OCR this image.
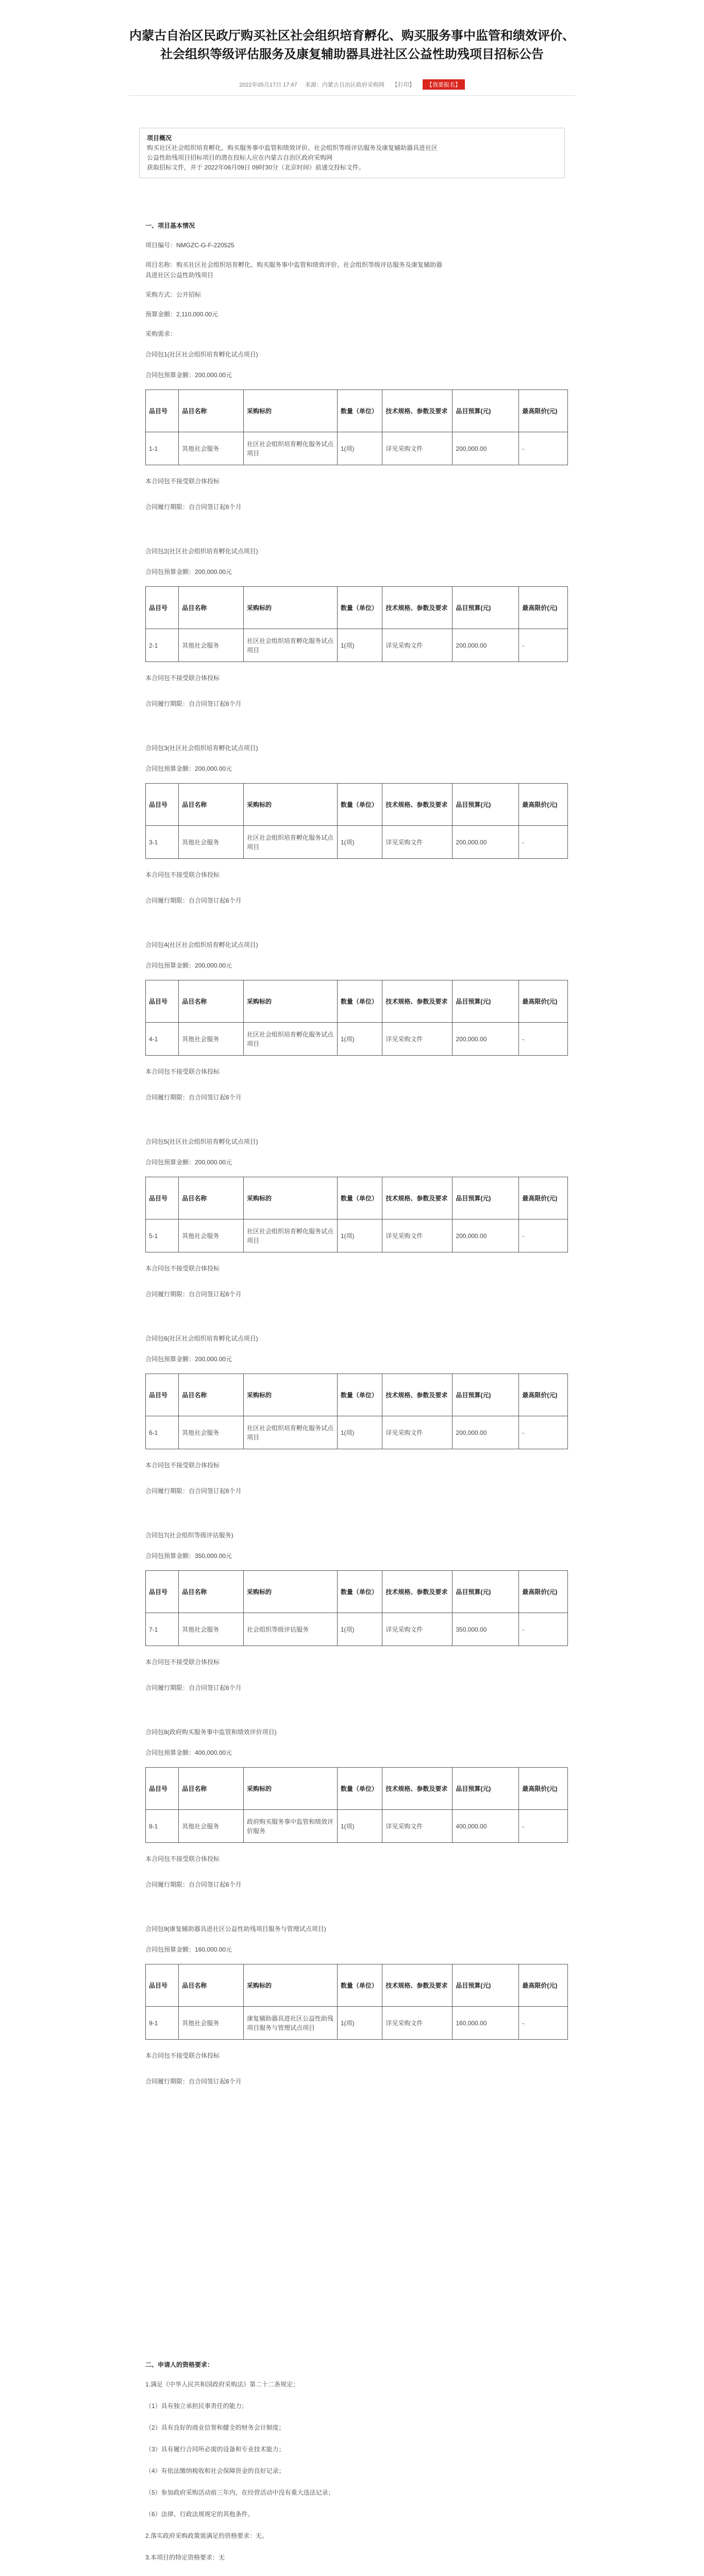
内蒙古自治区民政厅购买社区社会组织培育孵化、购买服务事中监管和绩效评价、
社会组织等级评估服务及康复辅助器具进社区公益性助残项目招标公告
2022年05月17日 17:47 来源：内蒙古自治区政府采购网 【打印】 【我要报名】
项目概况
购买社区社会组织培育孵化、购买服务事中监管和绩效评价、社会组织等级评估服务及康复辅助器具进社区
公益性助残项目招标项目的潜在投标人应在内蒙古自治区政府采购网
获取招标文件，并于 2022年06月09日 09时30分（北京时间）前递交投标文件。
一、项目基本情况
项目编号：NMGZC-G-F-220525
项目名称：购买社区社会组织培育孵化、购买服务事中监管和绩效评价、社会组织等级评估服务及康复辅助器
具进社区公益性助残项目
采购方式：公开招标
预算金额：2,110,000.00元
采购需求：
合同包1(社区社会组织培育孵化试点项目)
合同包预算金额：200,000.00元
品目号	品目名称	采购标的	数量（单位）	技术规格、参数及要求	品目预算(元)	最高限价(元)
1-1	其他社会服务	社区社会组织培育孵化服务试点项目	1(项)	详见采购文件	200,000.00	-
本合同包不接受联合体投标
合同履行期限：自合同签订起6个月
合同包2(社区社会组织培育孵化试点项目)
合同包预算金额：200,000.00元
品目号	品目名称	采购标的	数量（单位）	技术规格、参数及要求	品目预算(元)	最高限价(元)
2-1	其他社会服务	社区社会组织培育孵化服务试点项目	1(项)	详见采购文件	200,000.00	-
本合同包不接受联合体投标
合同履行期限：自合同签订起6个月
合同包3(社区社会组织培育孵化试点项目)
合同包预算金额：200,000.00元
品目号	品目名称	采购标的	数量（单位）	技术规格、参数及要求	品目预算(元)	最高限价(元)
3-1	其他社会服务	社区社会组织培育孵化服务试点项目	1(项)	详见采购文件	200,000.00	-
本合同包不接受联合体投标
合同履行期限：自合同签订起6个月
合同包4(社区社会组织培育孵化试点项目)
合同包预算金额：200,000.00元
品目号	品目名称	采购标的	数量（单位）	技术规格、参数及要求	品目预算(元)	最高限价(元)
4-1	其他社会服务	社区社会组织培育孵化服务试点项目	1(项)	详见采购文件	200,000.00	-
本合同包不接受联合体投标
合同履行期限：自合同签订起6个月
合同包5(社区社会组织培育孵化试点项目)
合同包预算金额：200,000.00元
品目号	品目名称	采购标的	数量（单位）	技术规格、参数及要求	品目预算(元)	最高限价(元)
5-1	其他社会服务	社区社会组织培育孵化服务试点项目	1(项)	详见采购文件	200,000.00	-
本合同包不接受联合体投标
合同履行期限：自合同签订起6个月
合同包6(社区社会组织培育孵化试点项目)
合同包预算金额：200,000.00元
品目号	品目名称	采购标的	数量（单位）	技术规格、参数及要求	品目预算(元)	最高限价(元)
6-1	其他社会服务	社区社会组织培育孵化服务试点项目	1(项)	详见采购文件	200,000.00	-
本合同包不接受联合体投标
合同履行期限：自合同签订起6个月
合同包7(社会组织等级评估服务)
合同包预算金额：350,000.00元
品目号	品目名称	采购标的	数量（单位）	技术规格、参数及要求	品目预算(元)	最高限价(元)
7-1	其他社会服务	社会组织等级评估服务	1(项)	详见采购文件	350,000.00	-
本合同包不接受联合体投标
合同履行期限：自合同签订起6个月
合同包8(政府购买服务事中监管和绩效评价项目)
合同包预算金额：400,000.00元
品目号	品目名称	采购标的	数量（单位）	技术规格、参数及要求	品目预算(元)	最高限价(元)
8-1	其他社会服务	政府购买服务事中监管和绩效评价服务	1(项)	详见采购文件	400,000.00	-
本合同包不接受联合体投标
合同履行期限：自合同签订起6个月
合同包9(康复辅助器具进社区公益性助残项目服务与管理试点项目)
合同包预算金额：160,000.00元
品目号	品目名称	采购标的	数量（单位）	技术规格、参数及要求	品目预算(元)	最高限价(元)
9-1	其他社会服务	康复辅助器具进社区公益性助残项目服务与管理试点项目	1(项)	详见采购文件	160,000.00	-
本合同包不接受联合体投标
合同履行期限：自合同签订起6个月
二、申请人的资格要求：
1.满足《中华人民共和国政府采购法》第二十二条规定；
（1）具有独立承担民事责任的能力；
（2）具有良好的商业信誉和健全的财务会计制度；
（3）具有履行合同所必需的设备和专业技术能力；
（4）有依法缴纳税收和社会保障资金的良好记录；
（5）参加政府采购活动前三年内，在经营活动中没有重大违法记录；
（6）法律、行政法规规定的其他条件。
2.落实政府采购政策需满足的资格要求：无。
3.本项目的特定资格要求：无
